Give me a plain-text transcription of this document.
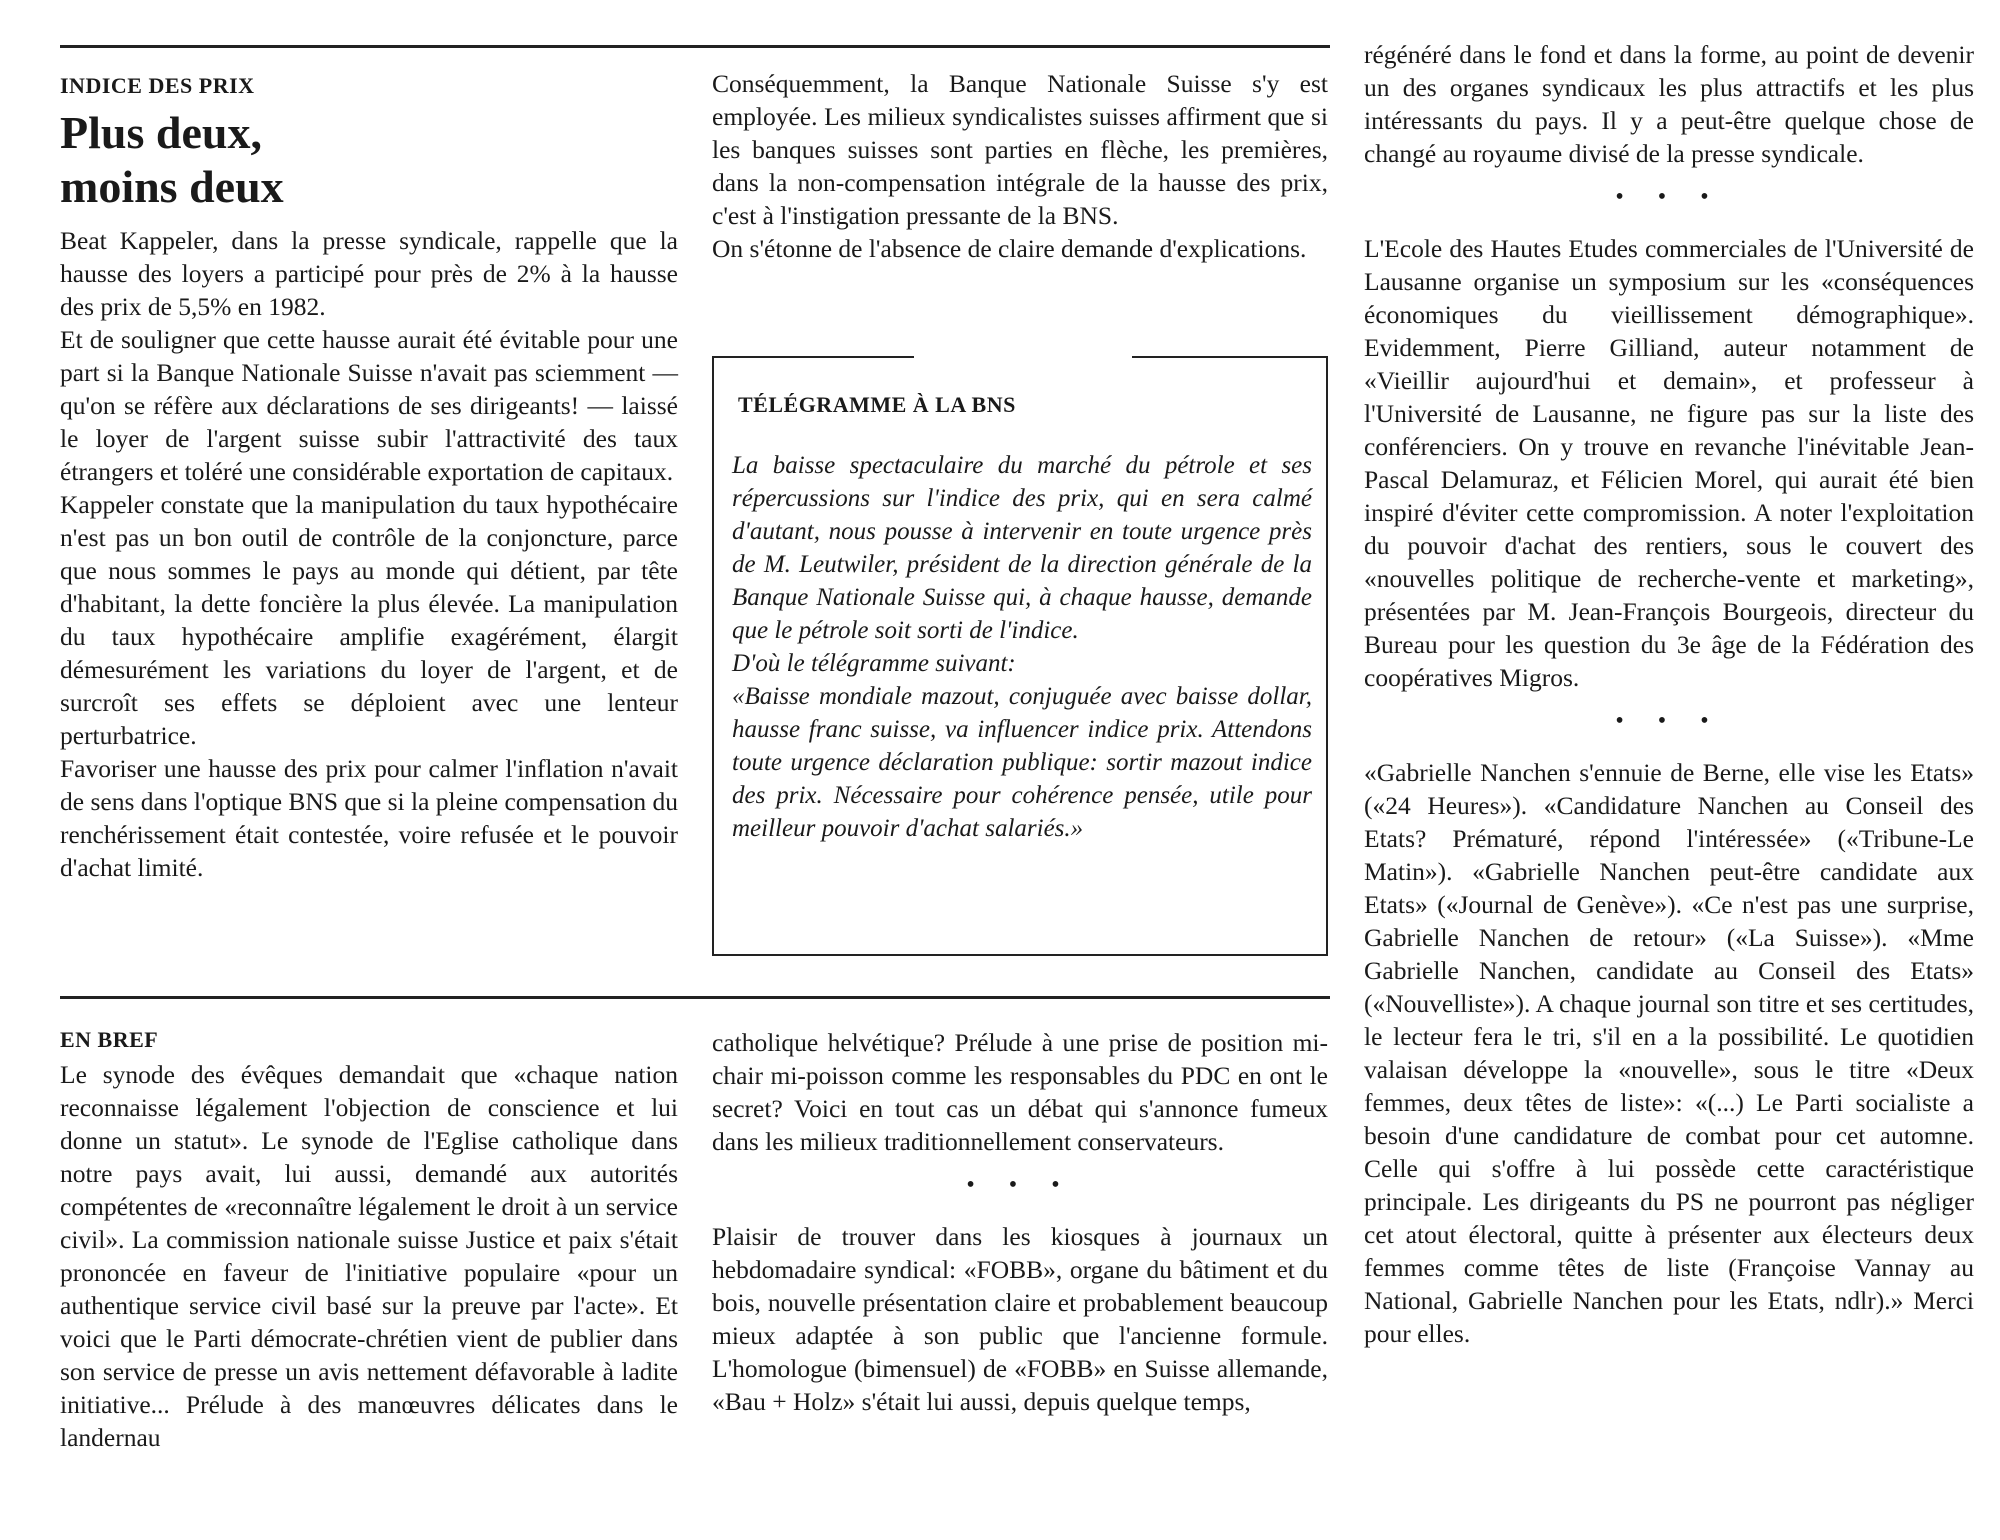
INDICE DES PRIX

Plus deux,
moins deux

Beat Kappeler, dans la presse syndicale, rappelle que la hausse des loyers a participé pour près de 2% à la hausse des prix de 5,5% en 1982.

Et de souligner que cette hausse aurait été évitable pour une part si la Banque Nationale Suisse n'avait pas sciemment — qu'on se réfère aux déclarations de ses dirigeants! — laissé le loyer de l'argent suisse subir l'attractivité des taux étrangers et toléré une considérable exportation de capitaux.

Kappeler constate que la manipulation du taux hypothécaire n'est pas un bon outil de contrôle de la conjoncture, parce que nous sommes le pays au monde qui détient, par tête d'habitant, la dette foncière la plus élevée. La manipulation du taux hypothécaire amplifie exagérément, élargit démesurément les variations du loyer de l'argent, et de surcroît ses effets se déploient avec une lenteur perturbatrice.

Favoriser une hausse des prix pour calmer l'inflation n'avait de sens dans l'optique BNS que si la pleine compensation du renchérissement était contestée, voire refusée et le pouvoir d'achat limité.

Conséquemment, la Banque Nationale Suisse s'y est employée. Les milieux syndicalistes suisses affirment que si les banques suisses sont parties en flèche, les premières, dans la non-compensation intégrale de la hausse des prix, c'est à l'instigation pressante de la BNS.

On s'étonne de l'absence de claire demande d'explications.

TÉLÉGRAMME À LA BNS

La baisse spectaculaire du marché du pétrole et ses répercussions sur l'indice des prix, qui en sera calmé d'autant, nous pousse à intervenir en toute urgence près de M. Leutwiler, président de la direction générale de la Banque Nationale Suisse qui, à chaque hausse, demande que le pétrole soit sorti de l'indice.

D'où le télégramme suivant:

«Baisse mondiale mazout, conjuguée avec baisse dollar, hausse franc suisse, va influencer indice prix. Attendons toute urgence déclaration publique: sortir mazout indice des prix. Nécessaire pour cohérence pensée, utile pour meilleur pouvoir d'achat salariés.»

régénéré dans le fond et dans la forme, au point de devenir un des organes syndicaux les plus attractifs et les plus intéressants du pays. Il y a peut-être quelque chose de changé au royaume divisé de la presse syndicale.

• • •

L'Ecole des Hautes Etudes commerciales de l'Université de Lausanne organise un symposium sur les «conséquences économiques du vieillissement démographique». Evidemment, Pierre Gilliand, auteur notamment de «Vieillir aujourd'hui et demain», et professeur à l'Université de Lausanne, ne figure pas sur la liste des conférenciers. On y trouve en revanche l'inévitable Jean-Pascal Delamuraz, et Félicien Morel, qui aurait été bien inspiré d'éviter cette compromission. A noter l'exploitation du pouvoir d'achat des rentiers, sous le couvert des «nouvelles politique de recherche-vente et marketing», présentées par M. Jean-François Bourgeois, directeur du Bureau pour les question du 3e âge de la Fédération des coopératives Migros.

• • •

«Gabrielle Nanchen s'ennuie de Berne, elle vise les Etats» («24 Heures»). «Candidature Nanchen au Conseil des Etats? Prématuré, répond l'intéressée» («Tribune-Le Matin»). «Gabrielle Nanchen peut-être candidate aux Etats» («Journal de Genève»). «Ce n'est pas une surprise, Gabrielle Nanchen de retour» («La Suisse»). «Mme Gabrielle Nanchen, candidate au Conseil des Etats» («Nouvelliste»). A chaque journal son titre et ses certitudes, le lecteur fera le tri, s'il en a la possibilité. Le quotidien valaisan développe la «nouvelle», sous le titre «Deux femmes, deux têtes de liste»: «(...) Le Parti socialiste a besoin d'une candidature de combat pour cet automne. Celle qui s'offre à lui possède cette caractéristique principale. Les dirigeants du PS ne pourront pas négliger cet atout électoral, quitte à présenter aux électeurs deux femmes comme têtes de liste (Françoise Vannay au National, Gabrielle Nanchen pour les Etats, ndlr).» Merci pour elles.

EN BREF

Le synode des évêques demandait que «chaque nation reconnaisse légalement l'objection de conscience et lui donne un statut». Le synode de l'Eglise catholique dans notre pays avait, lui aussi, demandé aux autorités compétentes de «reconnaître légalement le droit à un service civil». La commission nationale suisse Justice et paix s'était prononcée en faveur de l'initiative populaire «pour un authentique service civil basé sur la preuve par l'acte». Et voici que le Parti démocrate-chrétien vient de publier dans son service de presse un avis nettement défavorable à ladite initiative... Prélude à des manœuvres délicates dans le landernau

catholique helvétique? Prélude à une prise de position mi-chair mi-poisson comme les responsables du PDC en ont le secret? Voici en tout cas un débat qui s'annonce fumeux dans les milieux traditionnellement conservateurs.

• • •

Plaisir de trouver dans les kiosques à journaux un hebdomadaire syndical: «FOBB», organe du bâtiment et du bois, nouvelle présentation claire et probablement beaucoup mieux adaptée à son public que l'ancienne formule. L'homologue (bimensuel) de «FOBB» en Suisse allemande, «Bau + Holz» s'était lui aussi, depuis quelque temps,
